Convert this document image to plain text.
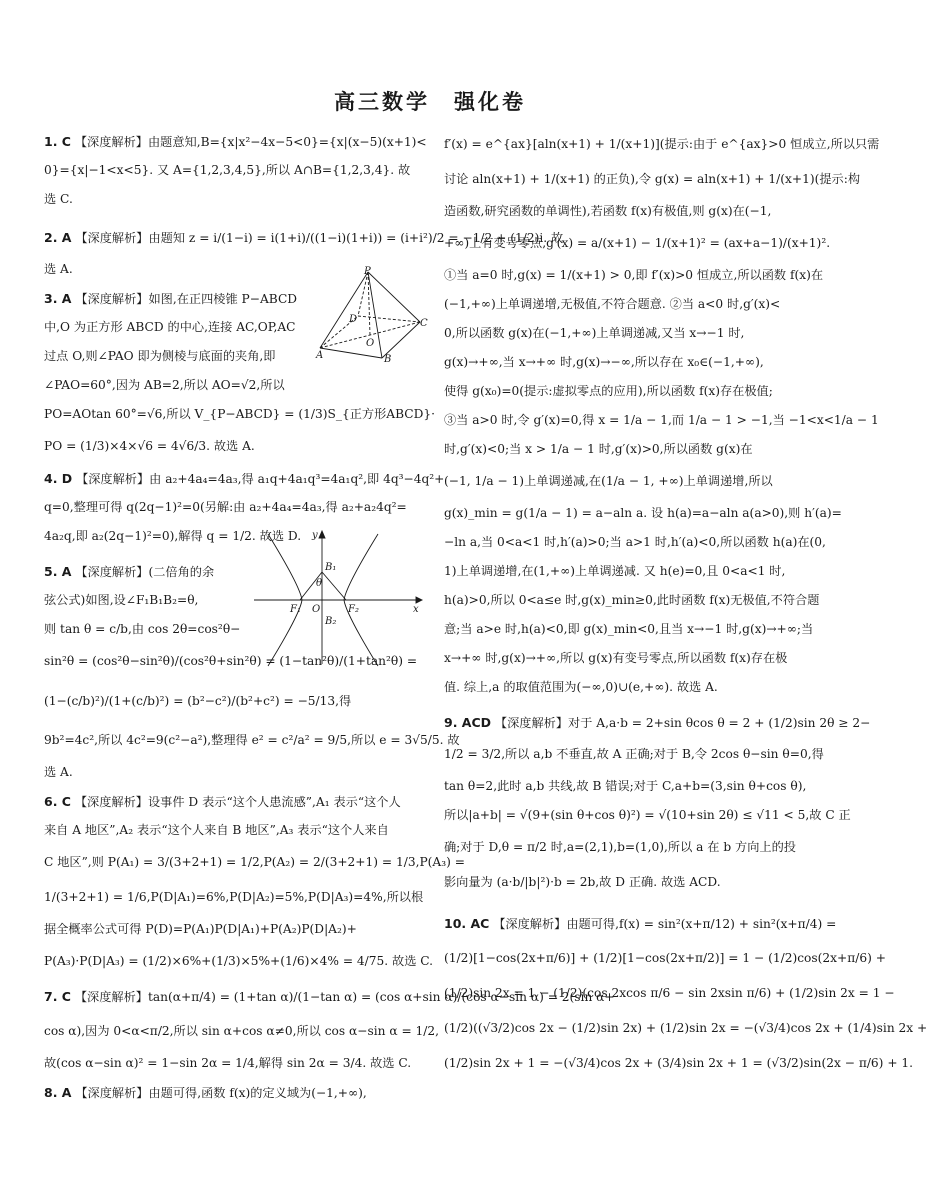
高三数学　强化卷
1. C 【深度解析】由题意知,B={x|x²−4x−5<0}={x|(x−5)(x+1)<
0}={x|−1<x<5}. 又 A={1,2,3,4,5},所以 A∩B={1,2,3,4}. 故
选 C.
2. A 【深度解析】由题知 z = i/(1−i) = i(1+i)/((1−i)(1+i)) = (i+i²)/2 = −1/2 + (1/2)i. 故
选 A.
3. A 【深度解析】如图,在正四棱锥 P−ABCD
中,O 为正方形 ABCD 的中心,连接 AC,OP,AC
过点 O,则∠PAO 即为侧棱与底面的夹角,即
∠PAO=60°,因为 AB=2,所以 AO=√2,所以
PO=AOtan 60°=√6,所以 V_{P−ABCD} = (1/3)S_{正方形ABCD}·
PO = (1/3)×4×√6 = 4√6/3. 故选 A.
4. D 【深度解析】由 a₂+4a₄=4a₃,得 a₁q+4a₁q³=4a₁q²,即 4q³−4q²+
q=0,整理可得 q(2q−1)²=0(另解:由 a₂+4a₄=4a₃,得 a₂+a₂4q²=
4a₂q,即 a₂(2q−1)²=0),解得 q = 1/2. 故选 D.
5. A 【深度解析】(二倍角的余
弦公式)如图,设∠F₁B₁B₂=θ,
则 tan θ = c/b,由 cos 2θ=cos²θ−
sin²θ = (cos²θ−sin²θ)/(cos²θ+sin²θ) = (1−tan²θ)/(1+tan²θ) =
(1−(c/b)²)/(1+(c/b)²) = (b²−c²)/(b²+c²) = −5/13,得
9b²=4c²,所以 4c²=9(c²−a²),整理得 e² = c²/a² = 9/5,所以 e = 3√5/5. 故
选 A.
6. C 【深度解析】设事件 D 表示“这个人患流感”,A₁ 表示“这个人
来自 A 地区”,A₂ 表示“这个人来自 B 地区”,A₃ 表示“这个人来自
C 地区”,则 P(A₁) = 3/(3+2+1) = 1/2,P(A₂) = 2/(3+2+1) = 1/3,P(A₃) =
1/(3+2+1) = 1/6,P(D|A₁)=6%,P(D|A₂)=5%,P(D|A₃)=4%,所以根
据全概率公式可得 P(D)=P(A₁)P(D|A₁)+P(A₂)P(D|A₂)+
P(A₃)·P(D|A₃) = (1/2)×6%+(1/3)×5%+(1/6)×4% = 4/75. 故选 C.
7. C 【深度解析】tan(α+π/4) = (1+tan α)/(1−tan α) = (cos α+sin α)/(cos α−sin α) = 2(sin α+
cos α),因为 0<α<π/2,所以 sin α+cos α≠0,所以 cos α−sin α = 1/2,
故(cos α−sin α)² = 1−sin 2α = 1/4,解得 sin 2α = 3/4. 故选 C.
8. A 【深度解析】由题可得,函数 f(x)的定义域为(−1,+∞),
f′(x) = e^{ax}[aln(x+1) + 1/(x+1)](提示:由于 e^{ax}>0 恒成立,所以只需
讨论 aln(x+1) + 1/(x+1) 的正负),令 g(x) = aln(x+1) + 1/(x+1)(提示:构
造函数,研究函数的单调性),若函数 f(x)有极值,则 g(x)在(−1,
+∞)上有变号零点,g′(x) = a/(x+1) − 1/(x+1)² = (ax+a−1)/(x+1)².
①当 a=0 时,g(x) = 1/(x+1) > 0,即 f′(x)>0 恒成立,所以函数 f(x)在
(−1,+∞)上单调递增,无极值,不符合题意. ②当 a<0 时,g′(x)<
0,所以函数 g(x)在(−1,+∞)上单调递减,又当 x→−1 时,
g(x)→+∞,当 x→+∞ 时,g(x)→−∞,所以存在 x₀∈(−1,+∞),
使得 g(x₀)=0(提示:虚拟零点的应用),所以函数 f(x)存在极值;
③当 a>0 时,令 g′(x)=0,得 x = 1/a − 1,而 1/a − 1 > −1,当 −1<x<1/a − 1
时,g′(x)<0;当 x > 1/a − 1 时,g′(x)>0,所以函数 g(x)在
(−1, 1/a − 1)上单调递减,在(1/a − 1, +∞)上单调递增,所以
g(x)_min = g(1/a − 1) = a−aln a. 设 h(a)=a−aln a(a>0),则 h′(a)=
−ln a,当 0<a<1 时,h′(a)>0;当 a>1 时,h′(a)<0,所以函数 h(a)在(0,
1)上单调递增,在(1,+∞)上单调递减. 又 h(e)=0,且 0<a<1 时,
h(a)>0,所以 0<a≤e 时,g(x)_min≥0,此时函数 f(x)无极值,不符合题
意;当 a>e 时,h(a)<0,即 g(x)_min<0,且当 x→−1 时,g(x)→+∞;当
x→+∞ 时,g(x)→+∞,所以 g(x)有变号零点,所以函数 f(x)存在极
值. 综上,a 的取值范围为(−∞,0)∪(e,+∞). 故选 A.
9. ACD 【深度解析】对于 A,a·b = 2+sin θcos θ = 2 + (1/2)sin 2θ ≥ 2−
1/2 = 3/2,所以 a,b 不垂直,故 A 正确;对于 B,令 2cos θ−sin θ=0,得
tan θ=2,此时 a,b 共线,故 B 错误;对于 C,a+b=(3,sin θ+cos θ),
所以|a+b| = √(9+(sin θ+cos θ)²) = √(10+sin 2θ) ≤ √11 < 5,故 C 正
确;对于 D,θ = π/2 时,a=(2,1),b=(1,0),所以 a 在 b 方向上的投
影向量为 (a·b/|b|²)·b = 2b,故 D 正确. 故选 ACD.
10. AC 【深度解析】由题可得,f(x) = sin²(x+π/12) + sin²(x+π/4) =
(1/2)[1−cos(2x+π/6)] + (1/2)[1−cos(2x+π/2)] = 1 − (1/2)cos(2x+π/6) +
(1/2)sin 2x = 1 − (1/2)(cos 2xcos π/6 − sin 2xsin π/6) + (1/2)sin 2x = 1 −
(1/2)((√3/2)cos 2x − (1/2)sin 2x) + (1/2)sin 2x = −(√3/4)cos 2x + (1/4)sin 2x +
(1/2)sin 2x + 1 = −(√3/4)cos 2x + (3/4)sin 2x + 1 = (√3/2)sin(2x − π/6) + 1.
P
A	B
C
D
O
y
x
B₁
B₂
F₁	F₂
O
θ
